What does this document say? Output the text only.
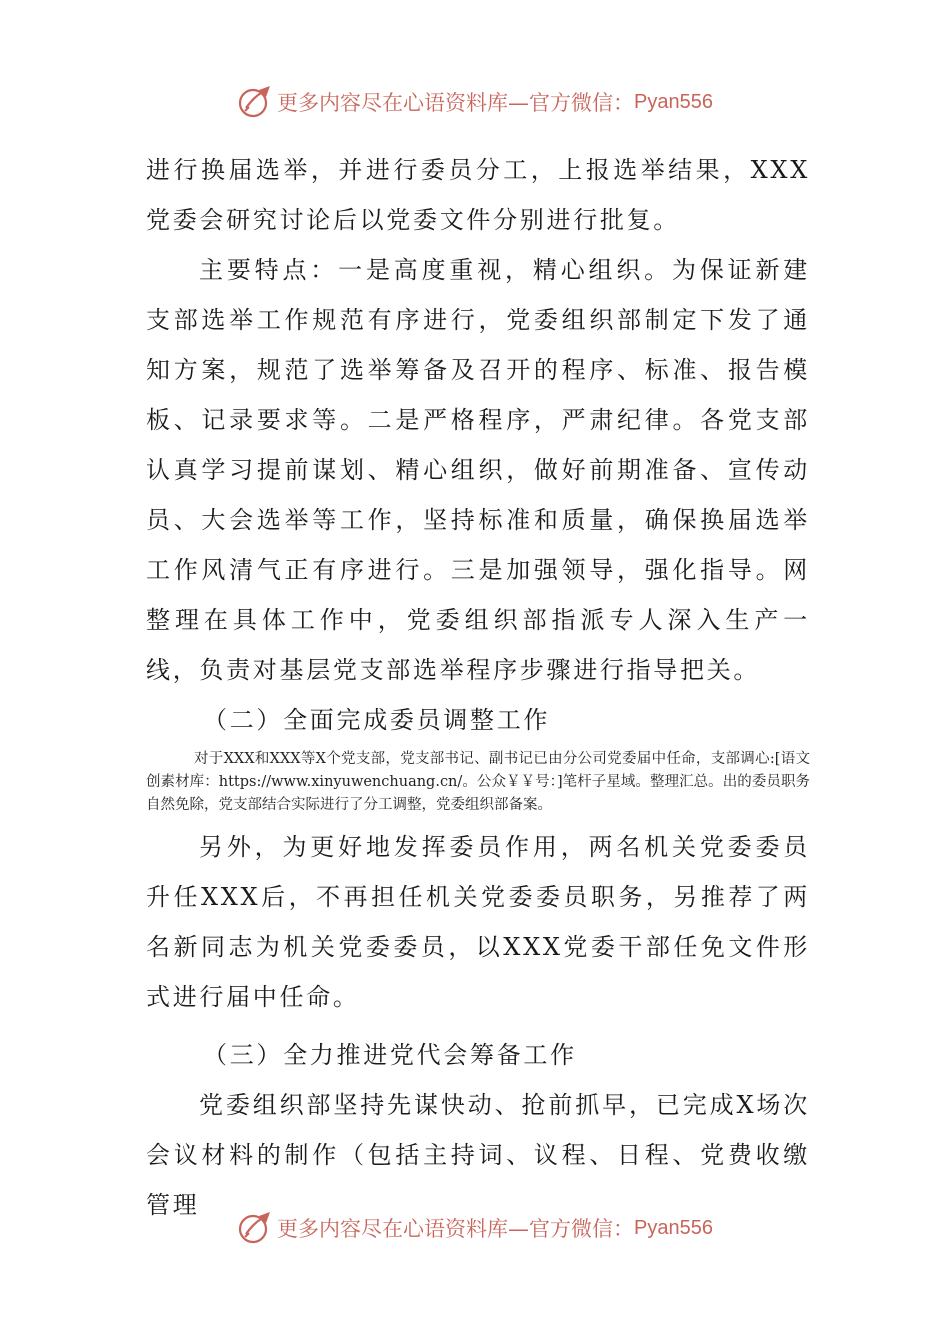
更多内容尽在心语资料库—官方微信： Pyan556

进行换届选举，并进行委员分工，上报选举结果，XXX党委会研究讨论后以党委文件分别进行批复。

主要特点：一是高度重视，精心组织。为保证新建支部选举工作规范有序进行，党委组织部制定下发了通知方案，规范了选举筹备及召开的程序、标准、报告模板、记录要求等。二是严格程序，严肃纪律。各党支部认真学习提前谋划、精心组织，做好前期准备、宣传动员、大会选举等工作，坚持标准和质量，确保换届选举工作风清气正有序进行。三是加强领导，强化指导。网整理在具体工作中，党委组织部指派专人深入生产一线，负责对基层党支部选举程序步骤进行指导把关。

（二）全面完成委员调整工作

对于XXX和XXX等X个党支部，党支部书记、副书记已由分公司党委届中任命，支部调心:[语文创素材库：https://www.xinyuwenchuang.cn/。公众￥￥号：]笔杆子星域。整理汇总。出的委员职务自然免除，党支部结合实际进行了分工调整，党委组织部备案。

另外，为更好地发挥委员作用，两名机关党委委员升任XXX后，不再担任机关党委委员职务，另推荐了两名新同志为机关党委委员，以XXX党委干部任免文件形式进行届中任命。

（三）全力推进党代会筹备工作

党委组织部坚持先谋快动、抢前抓早，已完成X场次会议材料的制作（包括主持词、议程、日程、党费收缴管理

更多内容尽在心语资料库—官方微信： Pyan556
